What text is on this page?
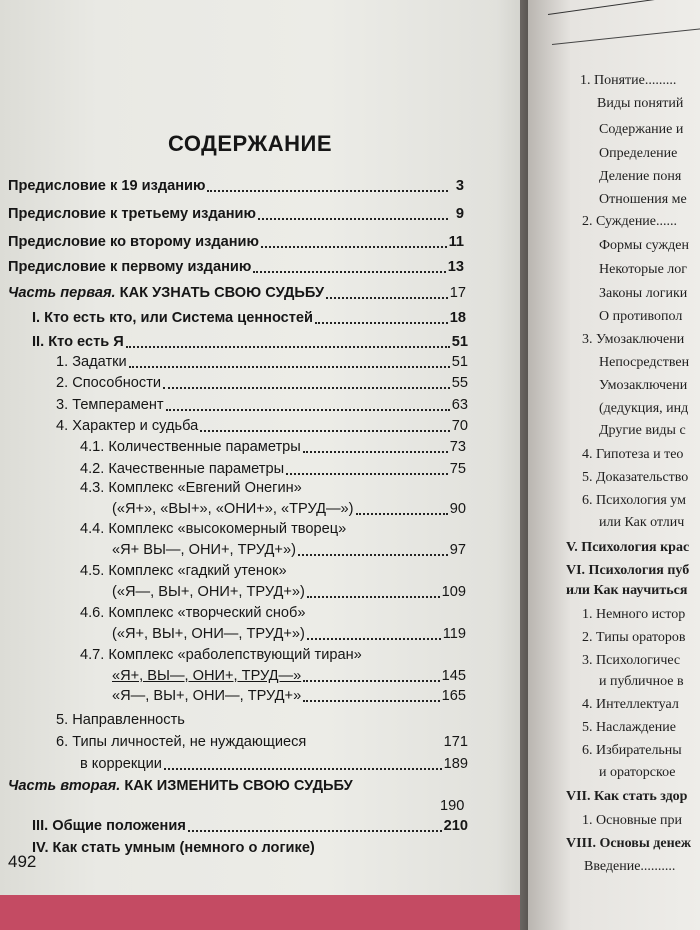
СОДЕРЖАНИЕ
Предисловие к 19 изданию	3
Предисловие к третьему изданию	9
Предисловие ко второму изданию	11
Предисловие к первому изданию	13
Часть первая. КАК УЗНАТЬ СВОЮ СУДЬБУ	17
I. Кто есть кто, или Система ценностей	18
II. Кто есть Я	51
1. Задатки	51
2. Способности	55
3. Темперамент	63
4. Характер и судьба	70
4.1. Количественные параметры	73
4.2. Качественные параметры	75
4.3. Комплекс «Евгений Онегин»
(«Я+», «ВЫ+», «ОНИ+», «ТРУД—»)	90
4.4. Комплекс «высокомерный творец»
«Я+ ВЫ—, ОНИ+, ТРУД+»)	97
4.5. Комплекс «гадкий утенок»
(«Я—, ВЫ+, ОНИ+, ТРУД+»)	109
4.6. Комплекс «творческий сноб»
(«Я+, ВЫ+, ОНИ—, ТРУД+»)	119
4.7. Комплекс «раболепствующий тиран»
«Я+, ВЫ—, ОНИ+, ТРУД—»	145
«Я—, ВЫ+, ОНИ—, ТРУД+»	165
5. Направленность
6. Типы личностей, не нуждающиеся	171
в коррекции	189
Часть вторая. КАК ИЗМЕНИТЬ СВОЮ СУДЬБУ
190
III. Общие положения	210
IV. Как стать умным (немного о логике)
492
1. Понятие.........
Виды понятий
Содержание и
Определение
Деление поня
Отношения ме
2. Суждение......
Формы сужден
Некоторые лог
Законы логики
О противопол
3. Умозаключени
Непосредствен
Умозаключени
(дедукция, инд
Другие виды с
4. Гипотеза и тео
5. Доказательство
6. Психология ум
или Как отлич
V. Психология крас
VI. Психология пуб
или Как научиться
1. Немного истор
2. Типы ораторов
3. Психологичес
и публичное в
4. Интеллектуал
5. Наслаждение
6. Избирательны
и ораторское
VII. Как стать здор
1. Основные при
VIII. Основы денеж
Введение..........
